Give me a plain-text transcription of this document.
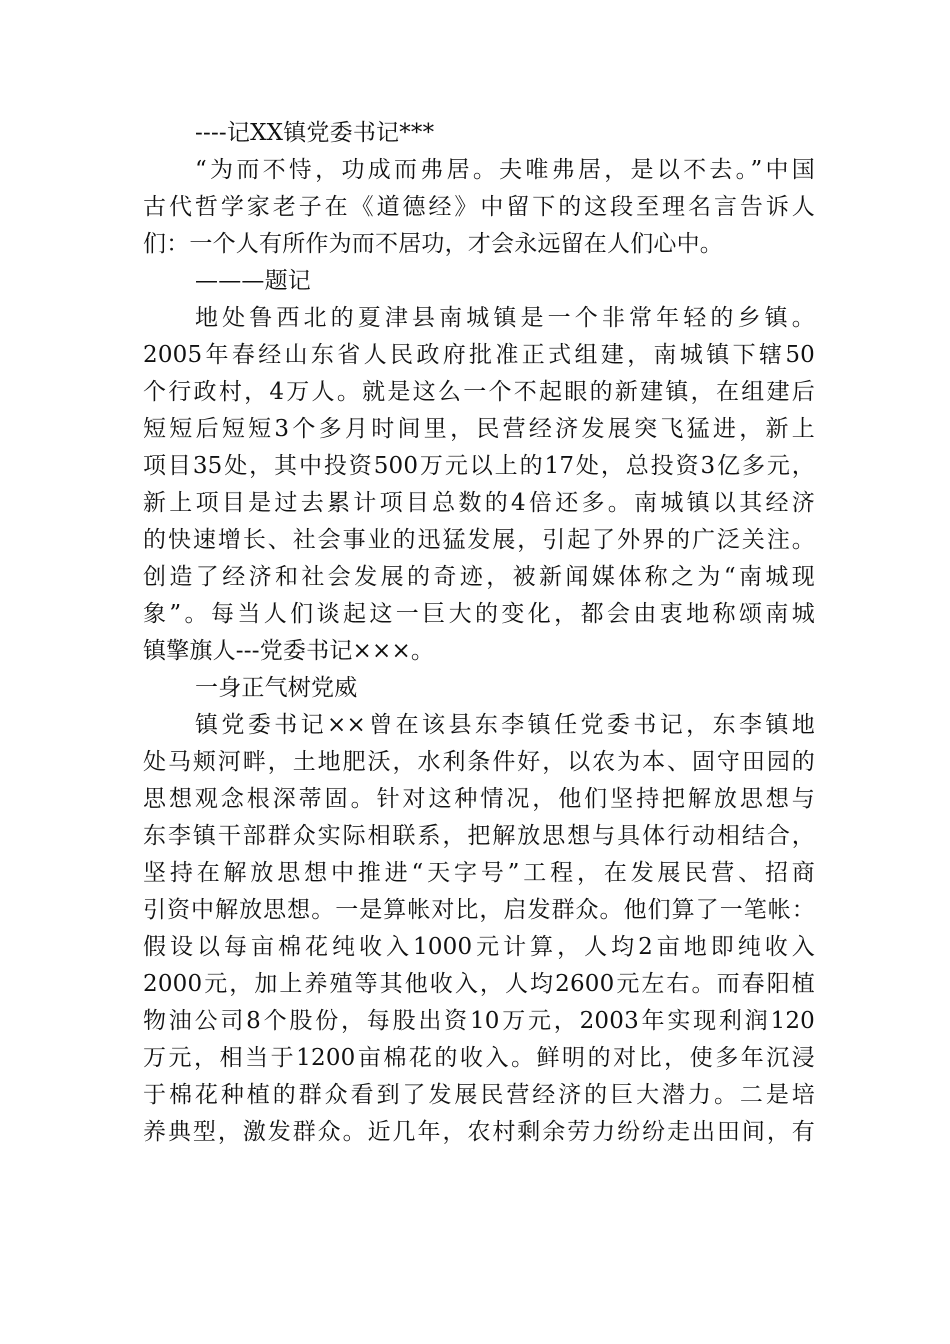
----记XX镇党委书记***
“为而不恃，功成而弗居。夫唯弗居，是以不去。”中国
古代哲学家老子在《道德经》中留下的这段至理名言告诉人
们：一个人有所作为而不居功，才会永远留在人们心中。
———题记
地处鲁西北的夏津县南城镇是一个非常年轻的乡镇。
2005年春经山东省人民政府批准正式组建，南城镇下辖50
个行政村，4万人。就是这么一个不起眼的新建镇，在组建后
短短后短短3个多月时间里，民营经济发展突飞猛进，新上
项目35处，其中投资500万元以上的17处，总投资3亿多元，
新上项目是过去累计项目总数的4倍还多。南城镇以其经济
的快速增长、社会事业的迅猛发展，引起了外界的广泛关注。
创造了经济和社会发展的奇迹，被新闻媒体称之为“南城现
象”。每当人们谈起这一巨大的变化，都会由衷地称颂南城
镇擎旗人---党委书记×××。
一身正气树党威
镇党委书记××曾在该县东李镇任党委书记，东李镇地
处马颊河畔，土地肥沃，水利条件好，以农为本、固守田园的
思想观念根深蒂固。针对这种情况，他们坚持把解放思想与
东李镇干部群众实际相联系，把解放思想与具体行动相结合，
坚持在解放思想中推进“天字号”工程，在发展民营、招商
引资中解放思想。一是算帐对比，启发群众。他们算了一笔帐：
假设以每亩棉花纯收入1000元计算，人均2亩地即纯收入
2000元，加上养殖等其他收入，人均2600元左右。而春阳植
物油公司8个股份，每股出资10万元，2003年实现利润120
万元，相当于1200亩棉花的收入。鲜明的对比，使多年沉浸
于棉花种植的群众看到了发展民营经济的巨大潜力。二是培
养典型，激发群众。近几年，农村剩余劳力纷纷走出田间，有
